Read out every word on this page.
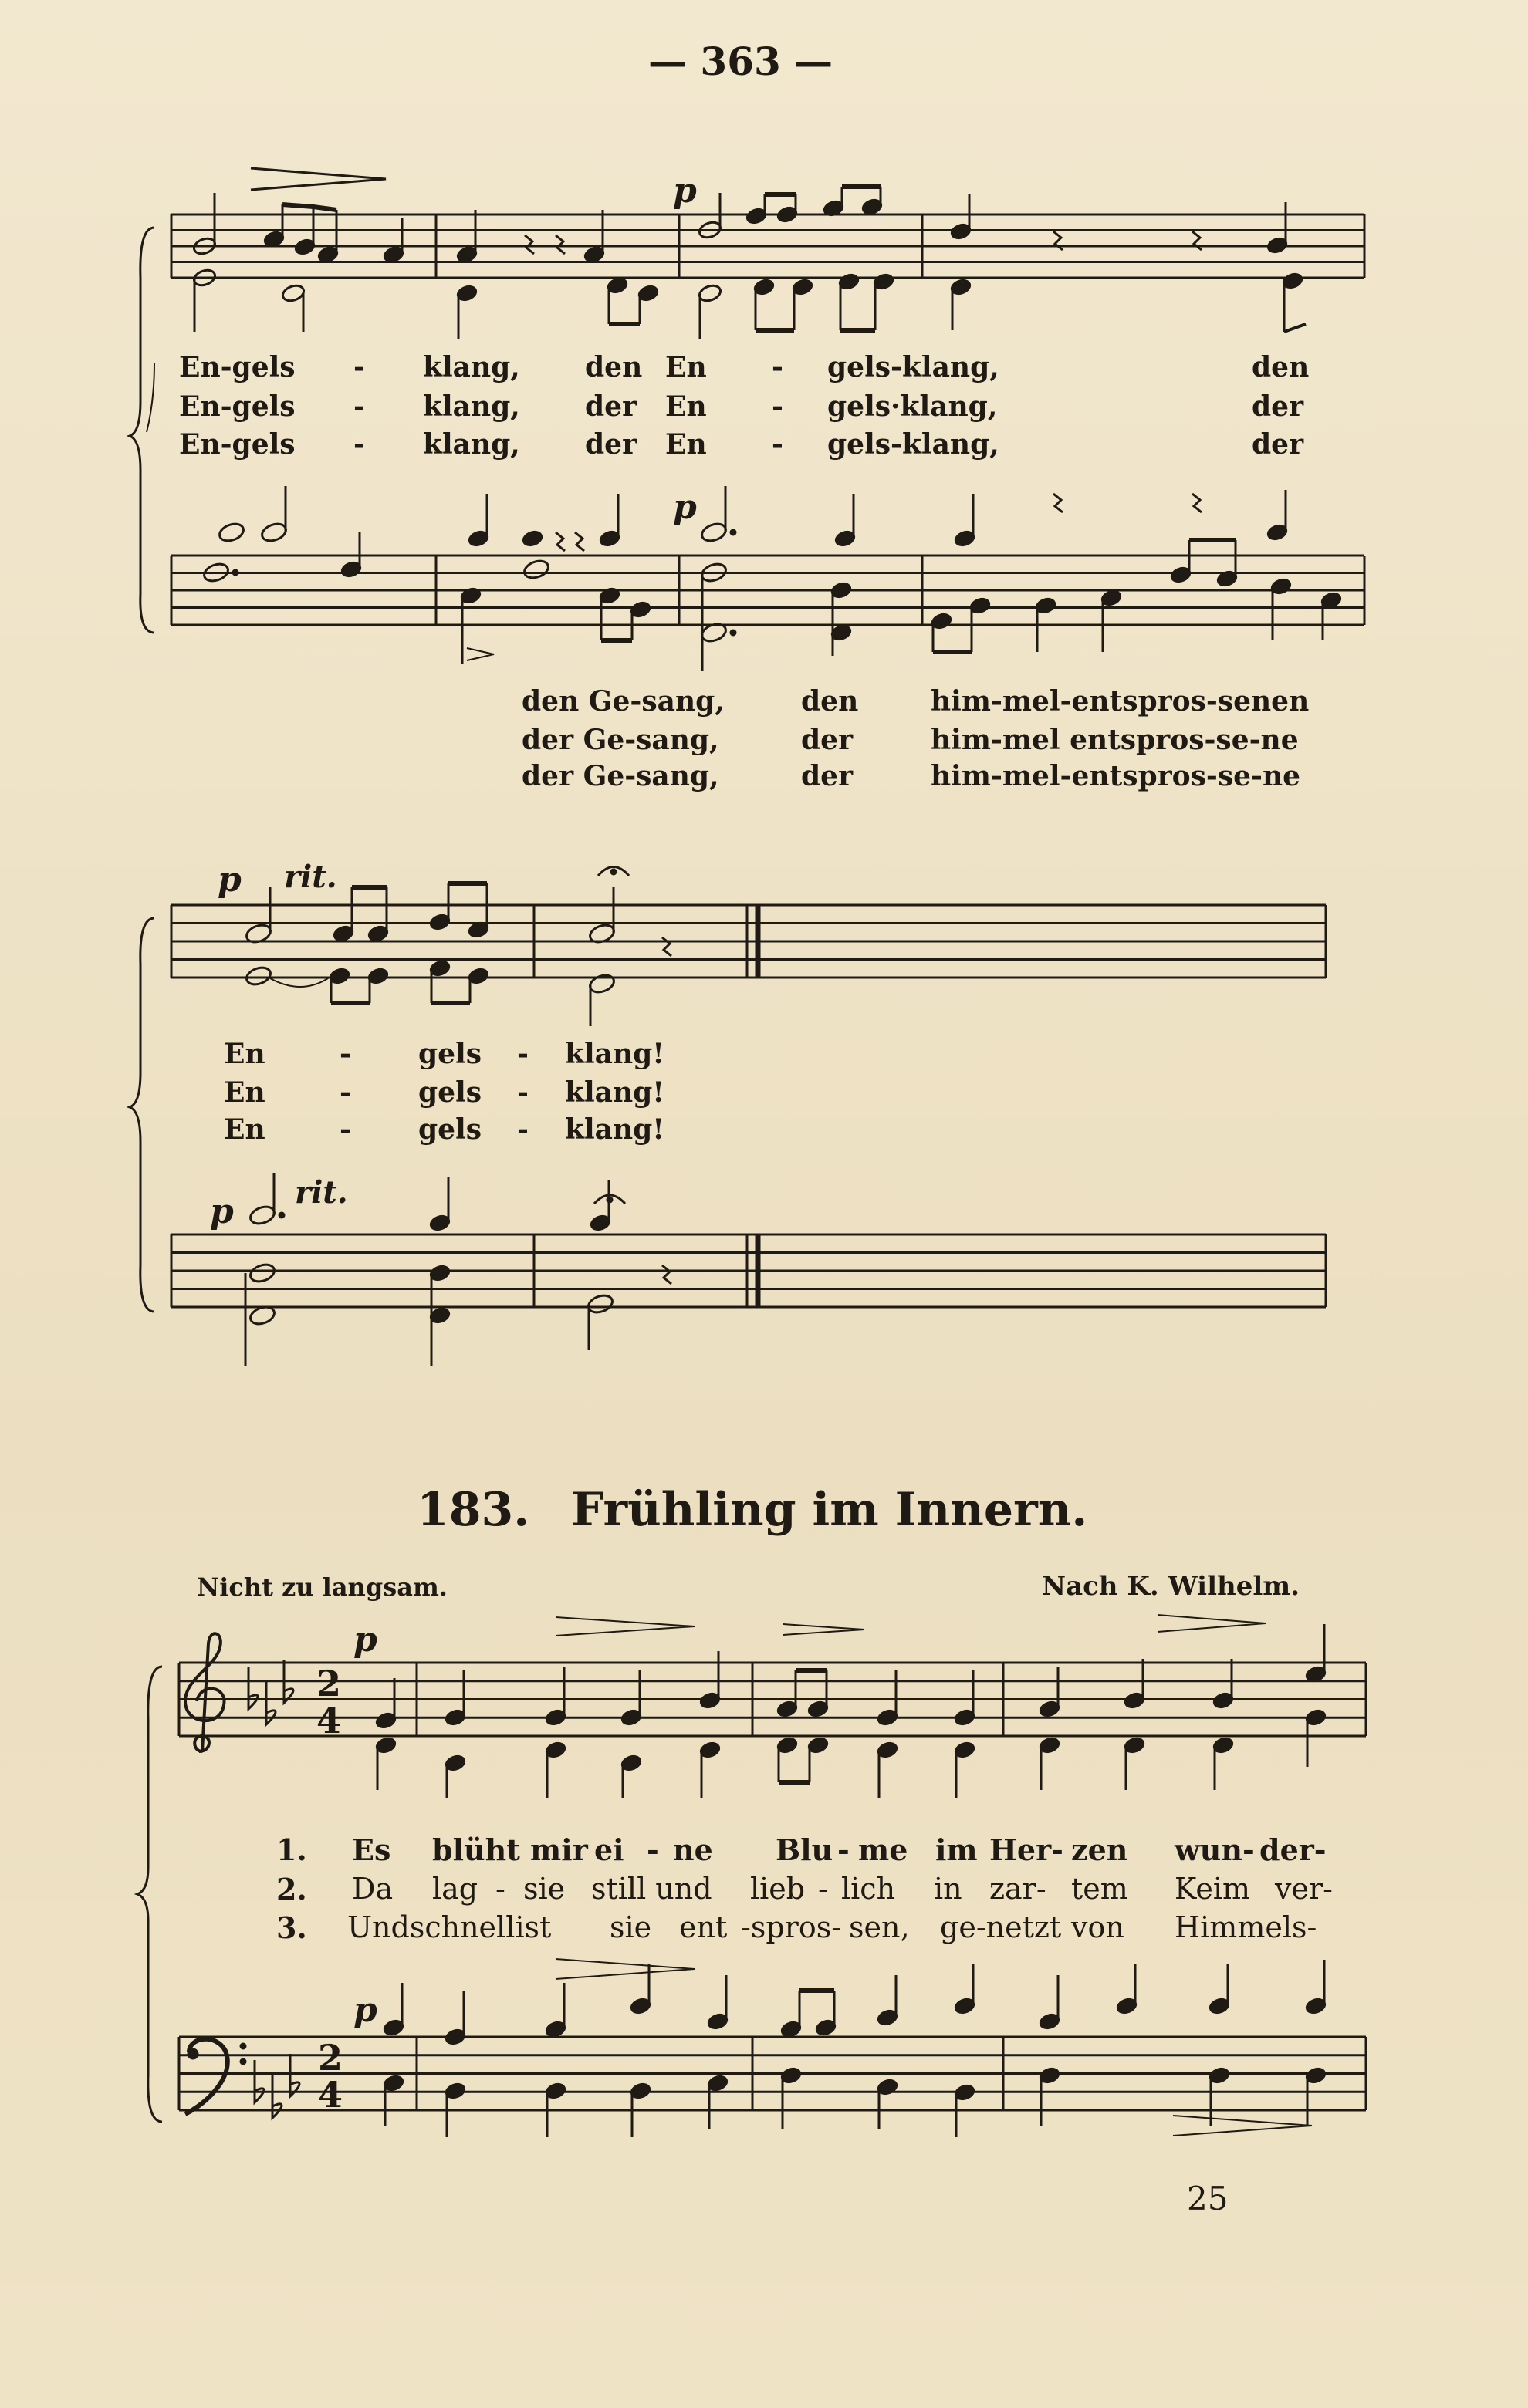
2
4
2
4
— 363 —
p
p
En-gels - klang, den En - gels-klang,	den
En-gels - klang, der En - gels·klang,	der
En-gels - klang, der En - gels-klang,	der
den Ge-sang,	den	him-mel-entspros-senen
der Ge-sang,	der	him-mel entspros-se-ne
der Ge-sang,	der	him-mel-entspros-se-ne
p rit.
p rit.
En	- gels - klang!
En	- gels - klang!
En	- gels - klang!
183. Frühling im Innern.
Nicht zu langsam.	Nach K. Wilhelm.
p
p
1. Es blüht mir ei - ne Blu - me im Her- zen wun - der-
2. Da lag - sie still und lieb - lich in zar- tem Keim ver-
3. Undschnellist sie ent -spros- sen, ge-netzt von Himmels-
25
